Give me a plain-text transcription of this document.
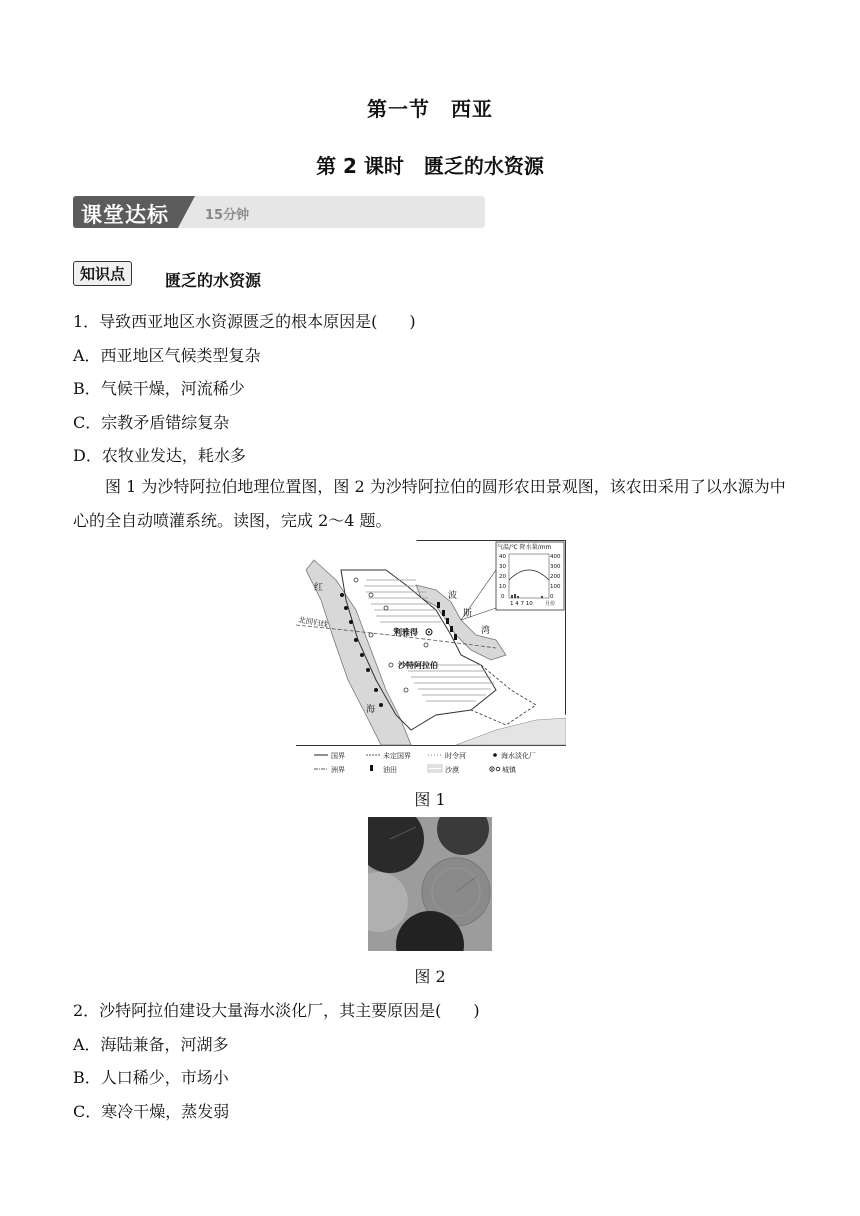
第一节　西亚
第 2 课时　匮乏的水资源
课堂达标	15分钟
知识点	匮乏的水资源
1．导致西亚地区水资源匮乏的根本原因是(　　)
A．西亚地区气候类型复杂
B．气候干燥，河流稀少
C．宗教矛盾错综复杂
D．农牧业发达，耗水多
图 1 为沙特阿拉伯地理位置图，图 2 为沙特阿拉伯的圆形农田景观图，该农田采用了以水源为中心的全自动喷灌系统。读图，完成 2～4 题。
气温/℃ 降水量/mm
40
30
20
10
0
400
300
200
100
0
1 4 7 10 月份
红
海
北回归线
波
斯
湾
利雅得
沙特阿拉伯
国界	未定国界	时令河	海水淡化厂
洲界	油田	沙漠	城镇
图 1
图 2
2．沙特阿拉伯建设大量海水淡化厂，其主要原因是(　　)
A．海陆兼备，河湖多
B．人口稀少，市场小
C．寒冷干燥，蒸发弱
